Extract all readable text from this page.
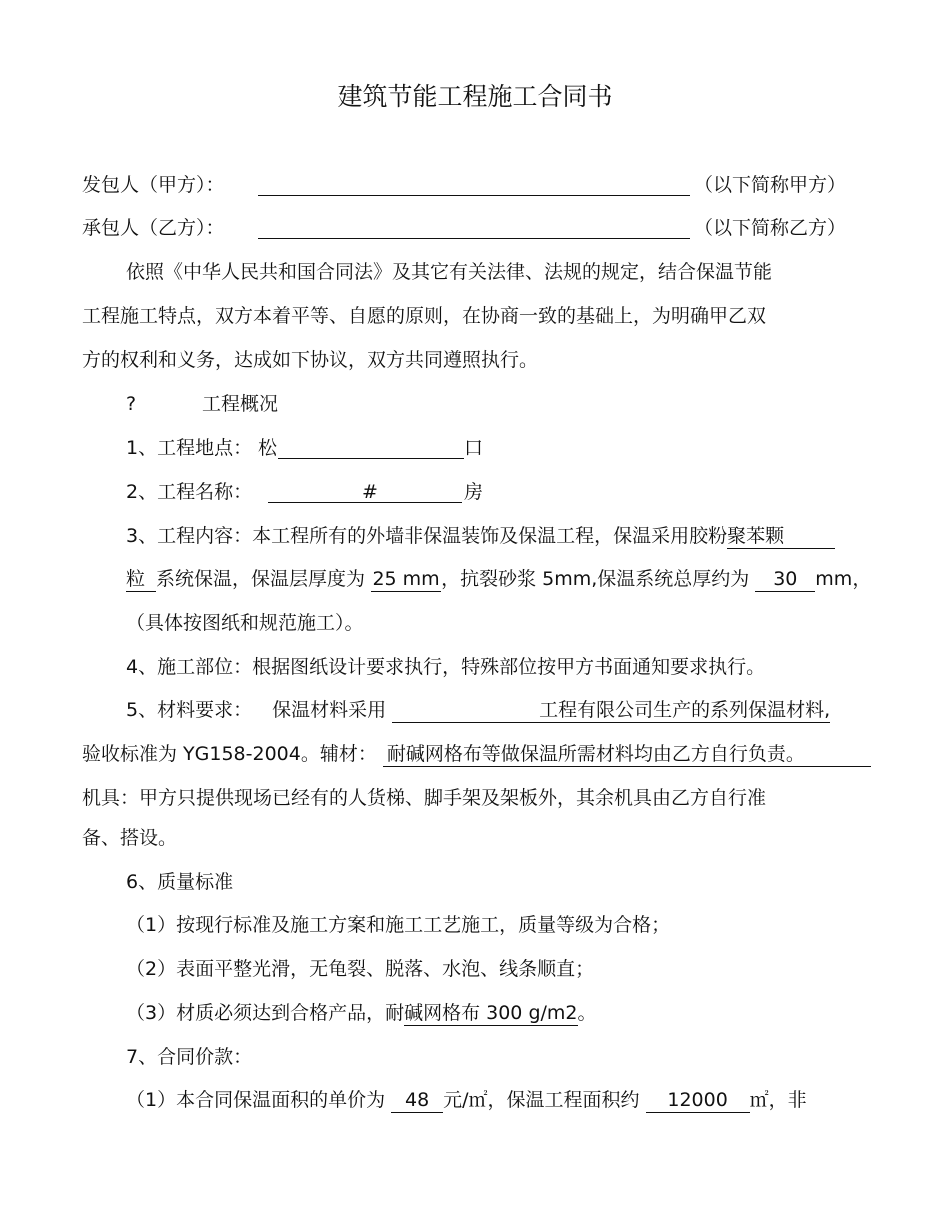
建筑节能工程施工合同书
发包人（甲方）：	（以下简称甲方）
承包人（乙方）：	（以下简称乙方）
依照《中华人民共和国合同法》及其它有关法律、法规的规定，结合保温节能
工程施工特点，双方本着平等、自愿的原则，在协商一致的基础上，为明确甲乙双
方的权利和义务，达成如下协议，双方共同遵照执行。
?	工程概况
1、工程地点： 松	口
2、工程名称：	#	房
3、工程内容：本工程所有的外墙非保温装饰及保温工程，保温采用胶粉聚苯颗
粒 系统保温，保温层厚度为 25 mm，抗裂砂浆 5mm,保温系统总厚约为 30 mm，
（具体按图纸和规范施工）。
4、施工部位：根据图纸设计要求执行，特殊部位按甲方书面通知要求执行。
5、材料要求： 保温材料采用	工程有限公司生产的系列保温材料,
验收标准为 YG158-2004。辅材： 耐碱网格布等做保温所需材料均由乙方自行负责。
机具：甲方只提供现场已经有的人货梯、脚手架及架板外，其余机具由乙方自行准
备、搭设。
6、质量标准
（1）按现行标准及施工方案和施工工艺施工，质量等级为合格；
（2）表面平整光滑，无龟裂、脱落、水泡、线条顺直；
（3）材质必须达到合格产品，耐碱网格布 300 g/m2。
7、合同价款：
（1）本合同保温面积的单价为 48 元/㎡，保温工程面积约 12000 ㎡，非
